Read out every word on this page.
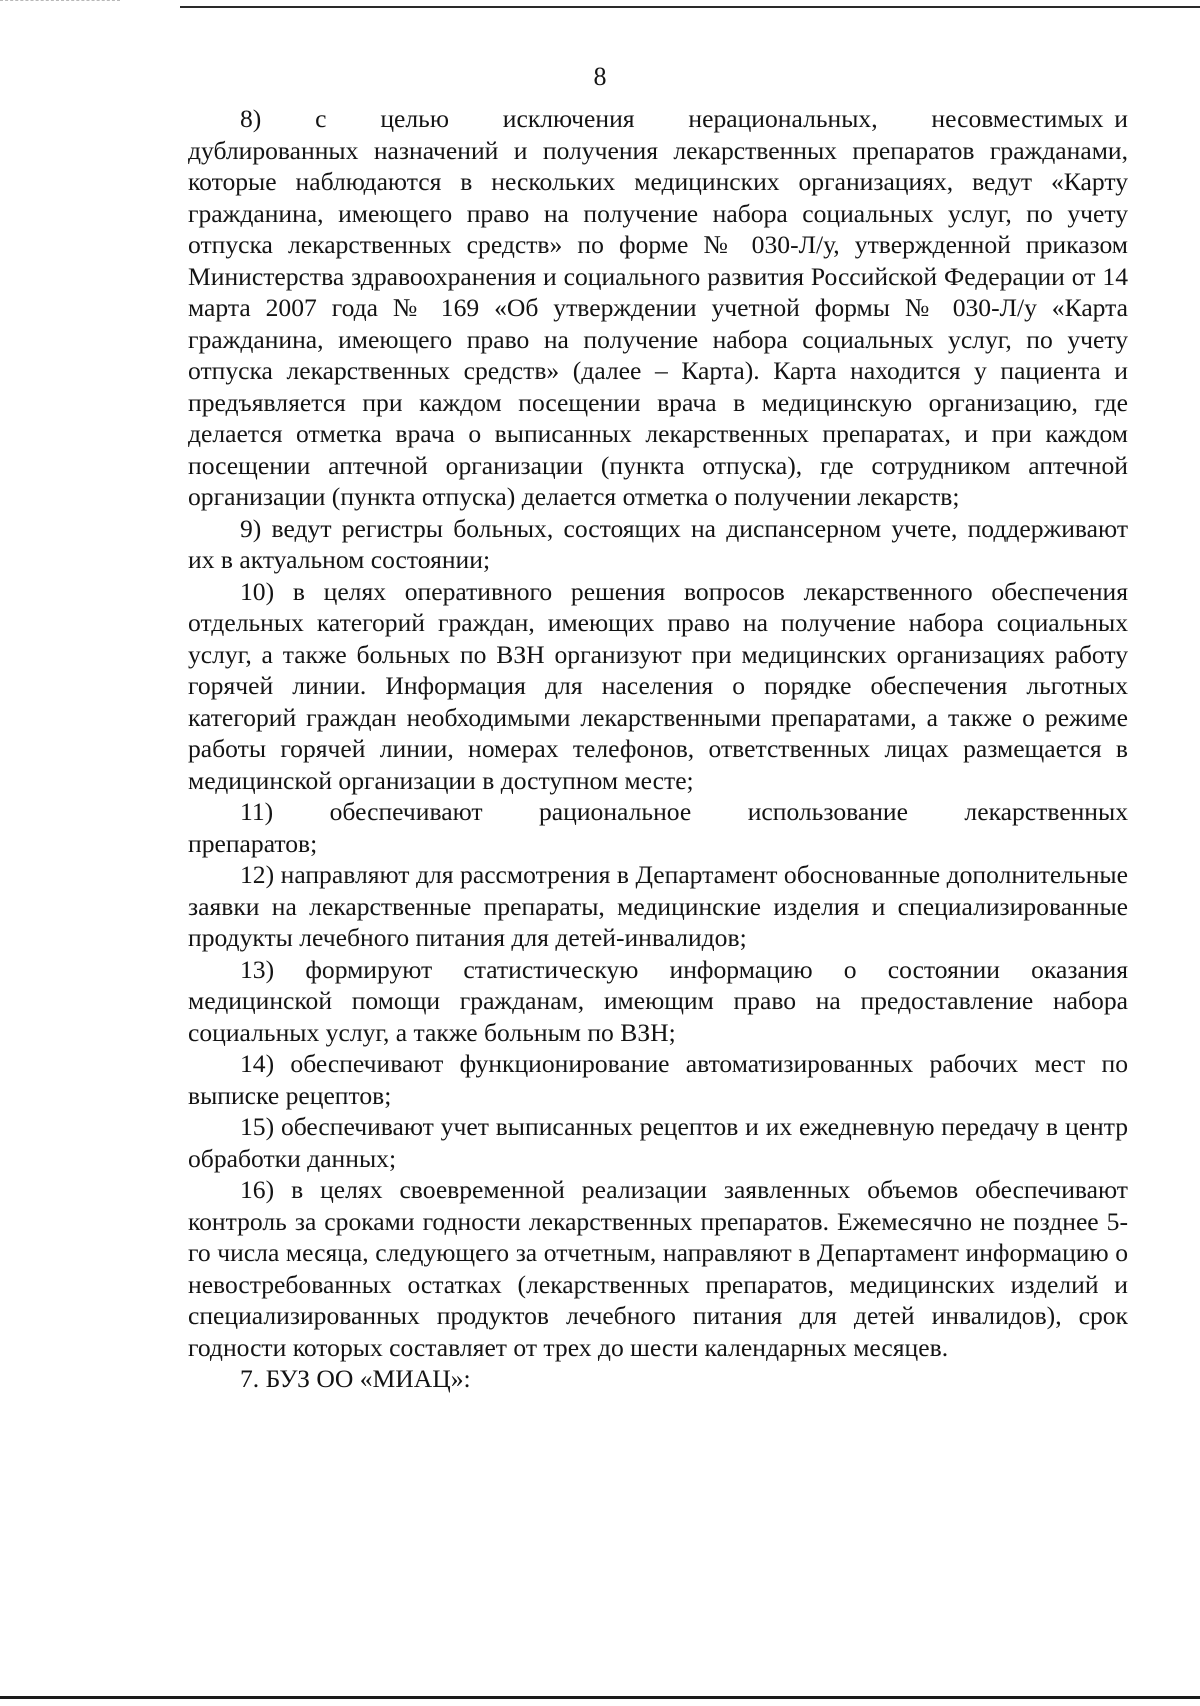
8

8)     с     целью     исключения     нерациональных,     несовместимых и дублированных назначений и получения лекарственных препаратов гражданами, которые наблюдаются в нескольких медицинских организациях, ведут «Карту гражданина, имеющего право на получение набора социальных услуг, по учету отпуска лекарственных средств» по форме № 030-Л/у, утвержденной приказом Министерства здравоохранения и социального развития Российской Федерации от 14 марта 2007 года № 169 «Об утверждении учетной формы № 030-Л/у «Карта гражданина, имеющего право на получение набора социальных услуг, по учету отпуска лекарственных средств» (далее – Карта). Карта находится у пациента и предъявляется при каждом посещении врача в медицинскую организацию, где делается отметка врача о выписанных лекарственных препаратах, и при каждом посещении аптечной организации (пункта отпуска), где сотрудником аптечной организации (пункта отпуска) делается отметка о получении лекарств;

9) ведут регистры больных, состоящих на диспансерном учете, поддерживают их в актуальном состоянии;

10) в целях оперативного решения вопросов лекарственного обеспечения отдельных категорий граждан, имеющих право на получение набора социальных услуг, а также больных по ВЗН организуют при медицинских организациях работу горячей линии. Информация для населения о порядке обеспечения льготных категорий граждан необходимыми лекарственными препаратами, а также о режиме работы горячей линии, номерах телефонов, ответственных лицах размещается в медицинской организации в доступном месте;

11)     обеспечивают     рациональное     использование     лекарственных препаратов;

12) направляют для рассмотрения в Департамент обоснованные дополнительные заявки на лекарственные препараты, медицинские изделия и специализированные продукты лечебного питания для детей-инвалидов;

13) формируют статистическую информацию о состоянии оказания медицинской помощи гражданам, имеющим право на предоставление набора социальных услуг, а также больным по ВЗН;

14) обеспечивают функционирование автоматизированных рабочих мест по выписке рецептов;

15) обеспечивают учет выписанных рецептов и их ежедневную передачу в центр обработки данных;

16) в целях своевременной реализации заявленных объемов обеспечивают контроль за сроками годности лекарственных препаратов. Ежемесячно не позднее 5-го числа месяца, следующего за отчетным, направляют в Департамент информацию о невостребованных остатках (лекарственных препаратов, медицинских изделий и специализированных продуктов лечебного питания для детей инвалидов), срок годности которых составляет от трех до шести календарных месяцев.

7. БУЗ ОО «МИАЦ»:
